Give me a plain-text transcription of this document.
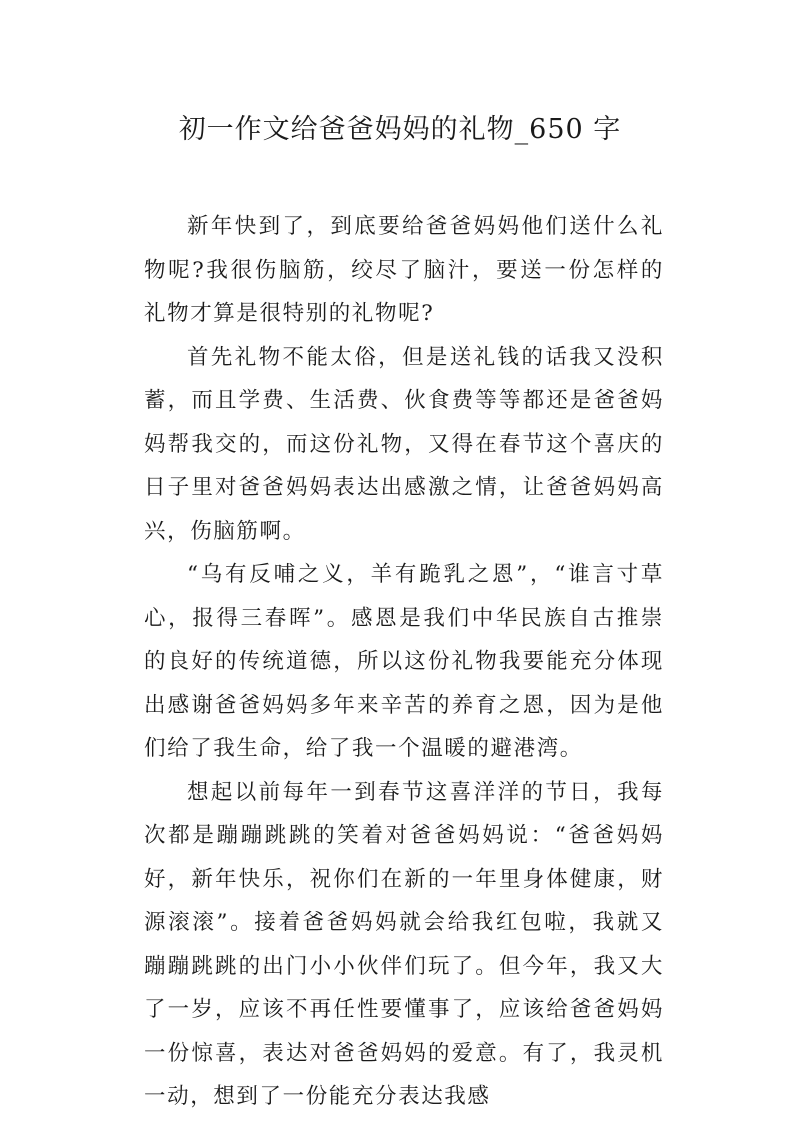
初一作文给爸爸妈妈的礼物_650 字

新年快到了，到底要给爸爸妈妈他们送什么礼物呢?我很伤脑筋，绞尽了脑汁，要送一份怎样的礼物才算是很特别的礼物呢?

首先礼物不能太俗，但是送礼钱的话我又没积蓄，而且学费、生活费、伙食费等等都还是爸爸妈妈帮我交的，而这份礼物，又得在春节这个喜庆的日子里对爸爸妈妈表达出感激之情，让爸爸妈妈高兴，伤脑筋啊。

“乌有反哺之义，羊有跪乳之恩”，“谁言寸草心，报得三春晖”。感恩是我们中华民族自古推崇的良好的传统道德，所以这份礼物我要能充分体现出感谢爸爸妈妈多年来辛苦的养育之恩，因为是他们给了我生命，给了我一个温暖的避港湾。

想起以前每年一到春节这喜洋洋的节日，我每次都是蹦蹦跳跳的笑着对爸爸妈妈说：“爸爸妈妈好，新年快乐，祝你们在新的一年里身体健康，财源滚滚”。接着爸爸妈妈就会给我红包啦，我就又蹦蹦跳跳的出门小小伙伴们玩了。但今年，我又大了一岁，应该不再任性要懂事了，应该给爸爸妈妈一份惊喜，表达对爸爸妈妈的爱意。有了，我灵机一动，想到了一份能充分表达我感
